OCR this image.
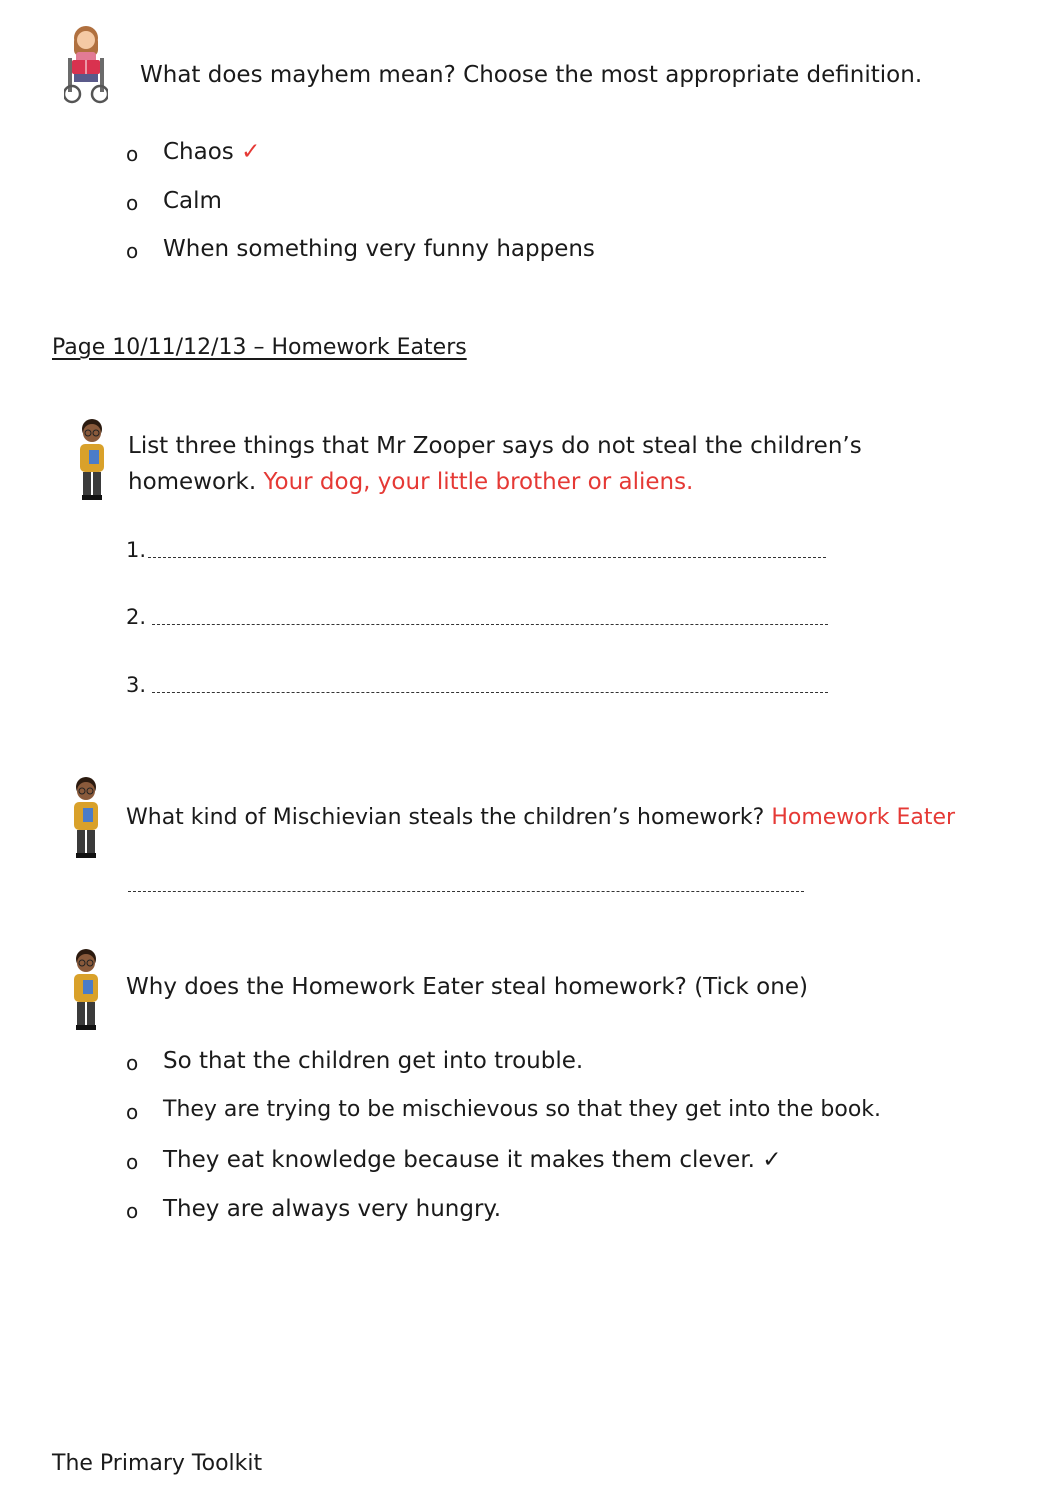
What does mayhem mean? Choose the most appropriate definition.
o Chaos ✓
o Calm
o When something very funny happens
Page 10/11/12/13 – Homework Eaters
List three things that Mr Zooper says do not steal the children’s
homework. Your dog, your little brother or aliens.
1.
2.
3.
What kind of Mischievian steals the children’s homework? Homework Eater
Why does the Homework Eater steal homework? (Tick one)
o So that the children get into trouble.
o They are trying to be mischievous so that they get into the book.
o They eat knowledge because it makes them clever. ✓
o They are always very hungry.
The Primary Toolkit
